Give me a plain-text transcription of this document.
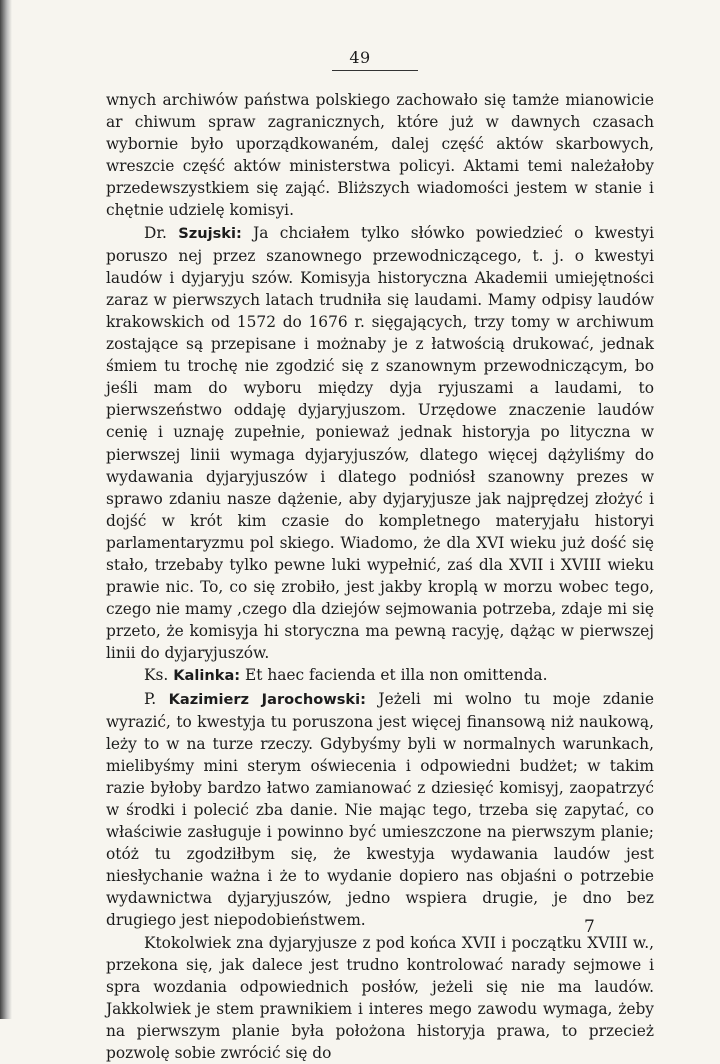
49

wnych archiwów państwa polskiego zachowało się tamże mianowicie ar chiwum spraw zagranicznych, które już w dawnych czasach wybornie było uporządkowaném, dalej część aktów skarbowych, wreszcie część aktów ministerstwa policyi. Aktami temi należałoby przedewszystkiem się zająć. Bliższych wiadomości jestem w stanie i chętnie udzielę komisyi.

Dr. Szujski: Ja chciałem tylko słówko powiedzieć o kwestyi poruszo nej przez szanownego przewodniczącego, t. j. o kwestyi laudów i dyjaryju szów. Komisyja historyczna Akademii umiejętności zaraz w pierwszych latach trudniła się laudami. Mamy odpisy laudów krakowskich od 1572 do 1676 r. sięgających, trzy tomy w archiwum zostające są przepisane i możnaby je z łatwością drukować, jednak śmiem tu trochę nie zgodzić się z szanownym przewodniczącym, bo jeśli mam do wyboru między dyja ryjuszami a laudami, to pierwszeństwo oddaję dyjaryjuszom. Urzędowe znaczenie laudów cenię i uznaję zupełnie, ponieważ jednak historyja po lityczna w pierwszej linii wymaga dyjaryjuszów, dlatego więcej dążyliśmy do wydawania dyjaryjuszów i dlatego podniósł szanowny prezes w sprawo zdaniu nasze dążenie, aby dyjaryjusze jak najprędzej złożyć i dojść w krót kim czasie do kompletnego materyjału historyi parlamentaryzmu pol skiego. Wiadomo, że dla XVI wieku już dość się stało, trzebaby tylko pewne luki wypełnić, zaś dla XVII i XVIII wieku prawie nic. To, co się zrobiło, jest jakby kroplą w morzu wobec tego, czego nie mamy ,czego dla dziejów sejmowania potrzeba, zdaje mi się przeto, że komisyja hi storyczna ma pewną racyję, dążąc w pierwszej linii do dyjaryjuszów.

Ks. Kalinka: Et haec facienda et illa non omittenda.

P. Kazimierz Jarochowski: Jeżeli mi wolno tu moje zdanie wyrazić, to kwestyja tu poruszona jest więcej finansową niż naukową, leży to w na turze rzeczy. Gdybyśmy byli w normalnych warunkach, mielibyśmy mini sterym oświecenia i odpowiedni budżet; w takim razie byłoby bardzo łatwo zamianować z dziesięć komisyj, zaopatrzyć w środki i polecić zba danie. Nie mając tego, trzeba się zapytać, co właściwie zasługuje i powinno być umieszczone na pierwszym planie; otóż tu zgodziłbym się, że kwestyja wydawania laudów jest niesłychanie ważna i że to wydanie dopiero nas objaśni o potrzebie wydawnictwa dyjaryjuszów, jedno wspiera drugie, je dno bez drugiego jest niepodobieństwem.

Ktokolwiek zna dyjaryjusze z pod końca XVII i początku XVIII w., przekona się, jak dalece jest trudno kontrolować narady sejmowe i spra wozdania odpowiednich posłów, jeżeli się nie ma laudów. Jakkolwiek je stem prawnikiem i interes mego zawodu wymaga, żeby na pierwszym planie była położona historyja prawa, to przecież pozwolę sobie zwrócić się do

7
